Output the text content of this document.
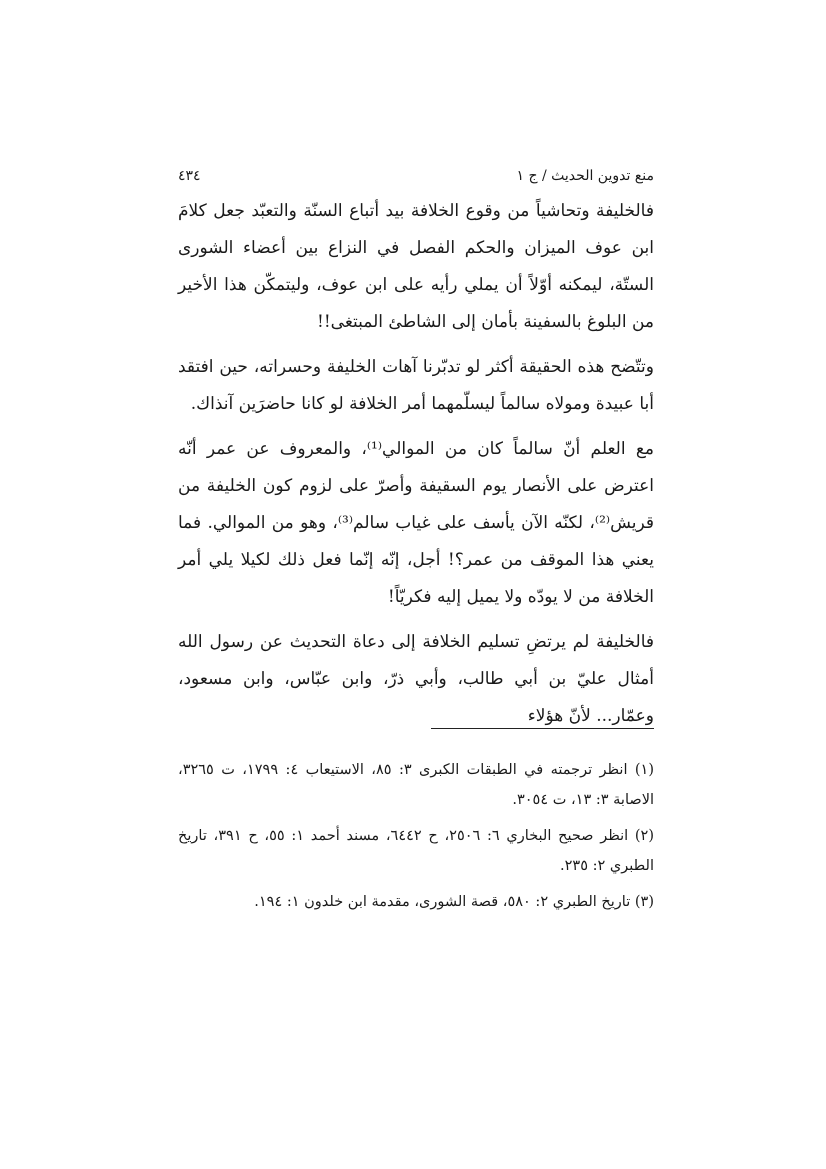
منع تدوين الحديث / ج ١
٤٣٤

فالخليفة وتحاشياً من وقوع الخلافة بيد أتباع السنّة والتعبّد جعل كلامَ ابن عوف الميزان والحكم الفصل في النزاع بين أعضاء الشورى الستّة، ليمكنه أوّلاً أن يملي رأيه على ابن عوف، وليتمكّن هذا الأخير من البلوغ بالسفينة بأمان إلى الشاطئ المبتغى!!

وتتّضح هذه الحقيقة أكثر لو تدبّرنا آهات الخليفة وحسراته، حين افتقد أبا عبيدة ومولاه سالماً ليسلّمهما أمر الخلافة لو كانا حاضرَين آنذاك.

مع العلم أنّ سالماً كان من الموالي⁽¹⁾، والمعروف عن عمر أنّه اعترض على الأنصار يوم السقيفة وأصرّ على لزوم كون الخليفة من قريش⁽²⁾، لكنّه الآن يأسف على غياب سالم⁽³⁾، وهو من الموالي. فما يعني هذا الموقف من عمر؟! أجل، إنّه إنّما فعل ذلك لكيلا يلي أمر الخلافة من لا يودّه ولا يميل إليه فكريّاً!

فالخليفة لم يرتضِ تسليم الخلافة إلى دعاة التحديث عن رسول الله أمثال عليّ بن أبي طالب، وأبي ذرّ، وابن عبّاس، وابن مسعود، وعمّار... لأنّ هؤلاء

(١) انظر ترجمته في الطبقات الكبرى ٣: ٨٥، الاستيعاب ٤: ١٧٩٩، ت ٣٢٦٥، الاصابة ٣: ١٣، ت ٣٠٥٤.

(٢) انظر صحيح البخاري ٦: ٢٥٠٦، ح ٦٤٤٢، مسند أحمد ١: ٥٥، ح ٣٩١، تاريخ الطبري ٢: ٢٣٥.

(٣) تاريخ الطبري ٢: ٥٨٠، قصة الشورى، مقدمة ابن خلدون ١: ١٩٤.
